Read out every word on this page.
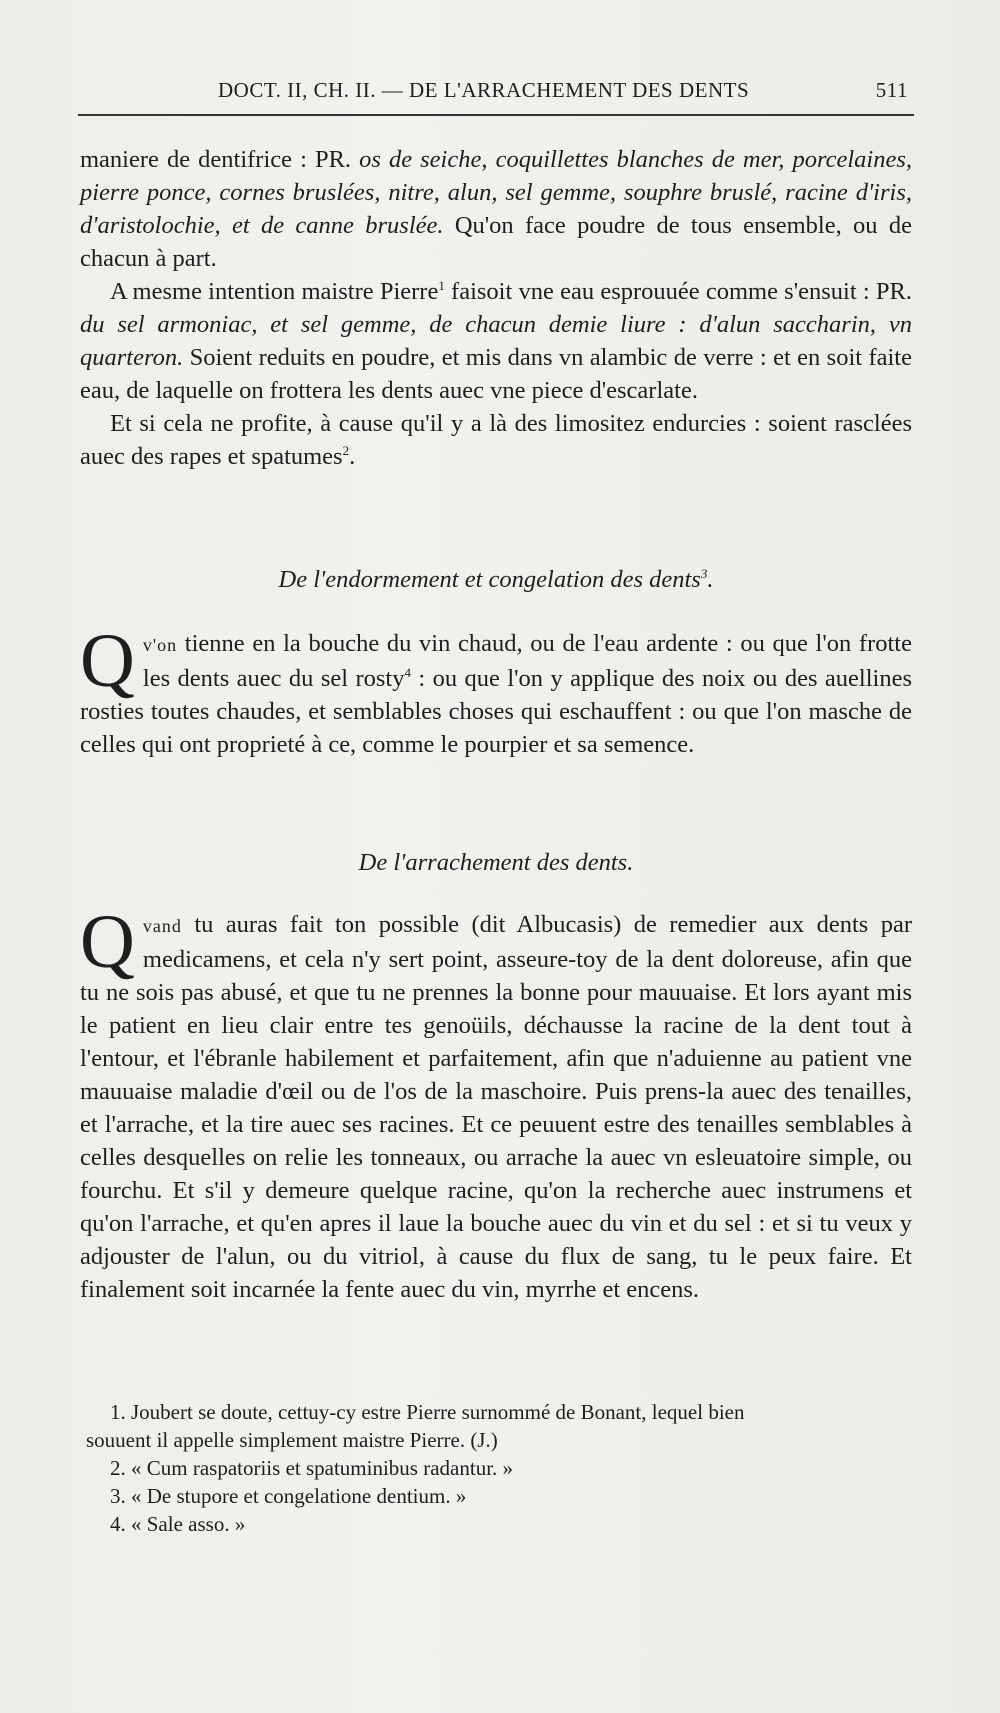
DOCT. II, CH. II. — DE L'ARRACHEMENT DES DENTS	511

maniere de dentifrice : PR. os de seiche, coquillettes blanches de mer, porcelaines, pierre ponce, cornes bruslées, nitre, alun, sel gemme, souphre bruslé, racine d'iris, d'aristolochie, et de canne bruslée. Qu'on face poudre de tous ensemble, ou de chacun à part.

A mesme intention maistre Pierre$^1$ faisoit vne eau esprouuée comme s'ensuit : PR. du sel armoniac, et sel gemme, de chacun demie liure : d'alun saccharin, vn quarteron. Soient reduits en poudre, et mis dans vn alambic de verre : et en soit faite eau, de laquelle on frottera les dents auec vne piece d'escarlate.

Et si cela ne profite, à cause qu'il y a là des limositez endurcies : soient rasclées auec des rapes et spatumes$^2$.

De l'endormement et congelation des dents$^3$.

Qv'on tienne en la bouche du vin chaud, ou de l'eau ardente : ou que l'on frotte les dents auec du sel rosty$^4$ : ou que l'on y applique des noix ou des auellines rosties toutes chaudes, et semblables choses qui eschauffent : ou que l'on masche de celles qui ont proprieté à ce, comme le pourpier et sa semence.

De l'arrachement des dents.

Qvand tu auras fait ton possible (dit Albucasis) de remedier aux dents par medicamens, et cela n'y sert point, asseure-toy de la dent doloreuse, afin que tu ne sois pas abusé, et que tu ne prennes la bonne pour mauuaise. Et lors ayant mis le patient en lieu clair entre tes genoüils, déchausse la racine de la dent tout à l'entour, et l'ébranle habilement et parfaitement, afin que n'aduienne au patient vne mauuaise maladie d'œil ou de l'os de la maschoire. Puis prens-la auec des tenailles, et l'arrache, et la tire auec ses racines. Et ce peuuent estre des tenailles semblables à celles desquelles on relie les tonneaux, ou arrache la auec vn esleuatoire simple, ou fourchu. Et s'il y demeure quelque racine, qu'on la recherche auec instrumens et qu'on l'arrache, et qu'en apres il laue la bouche auec du vin et du sel : et si tu veux y adjouster de l'alun, ou du vitriol, à cause du flux de sang, tu le peux faire. Et finalement soit incarnée la fente auec du vin, myrrhe et encens.

1. Joubert se doute, cettuy-cy estre Pierre surnommé de Bonant, lequel bien

souuent il appelle simplement maistre Pierre. (J.)

2. « Cum raspatoriis et spatuminibus radantur. »

3. « De stupore et congelatione dentium. »

4. « Sale asso. »
